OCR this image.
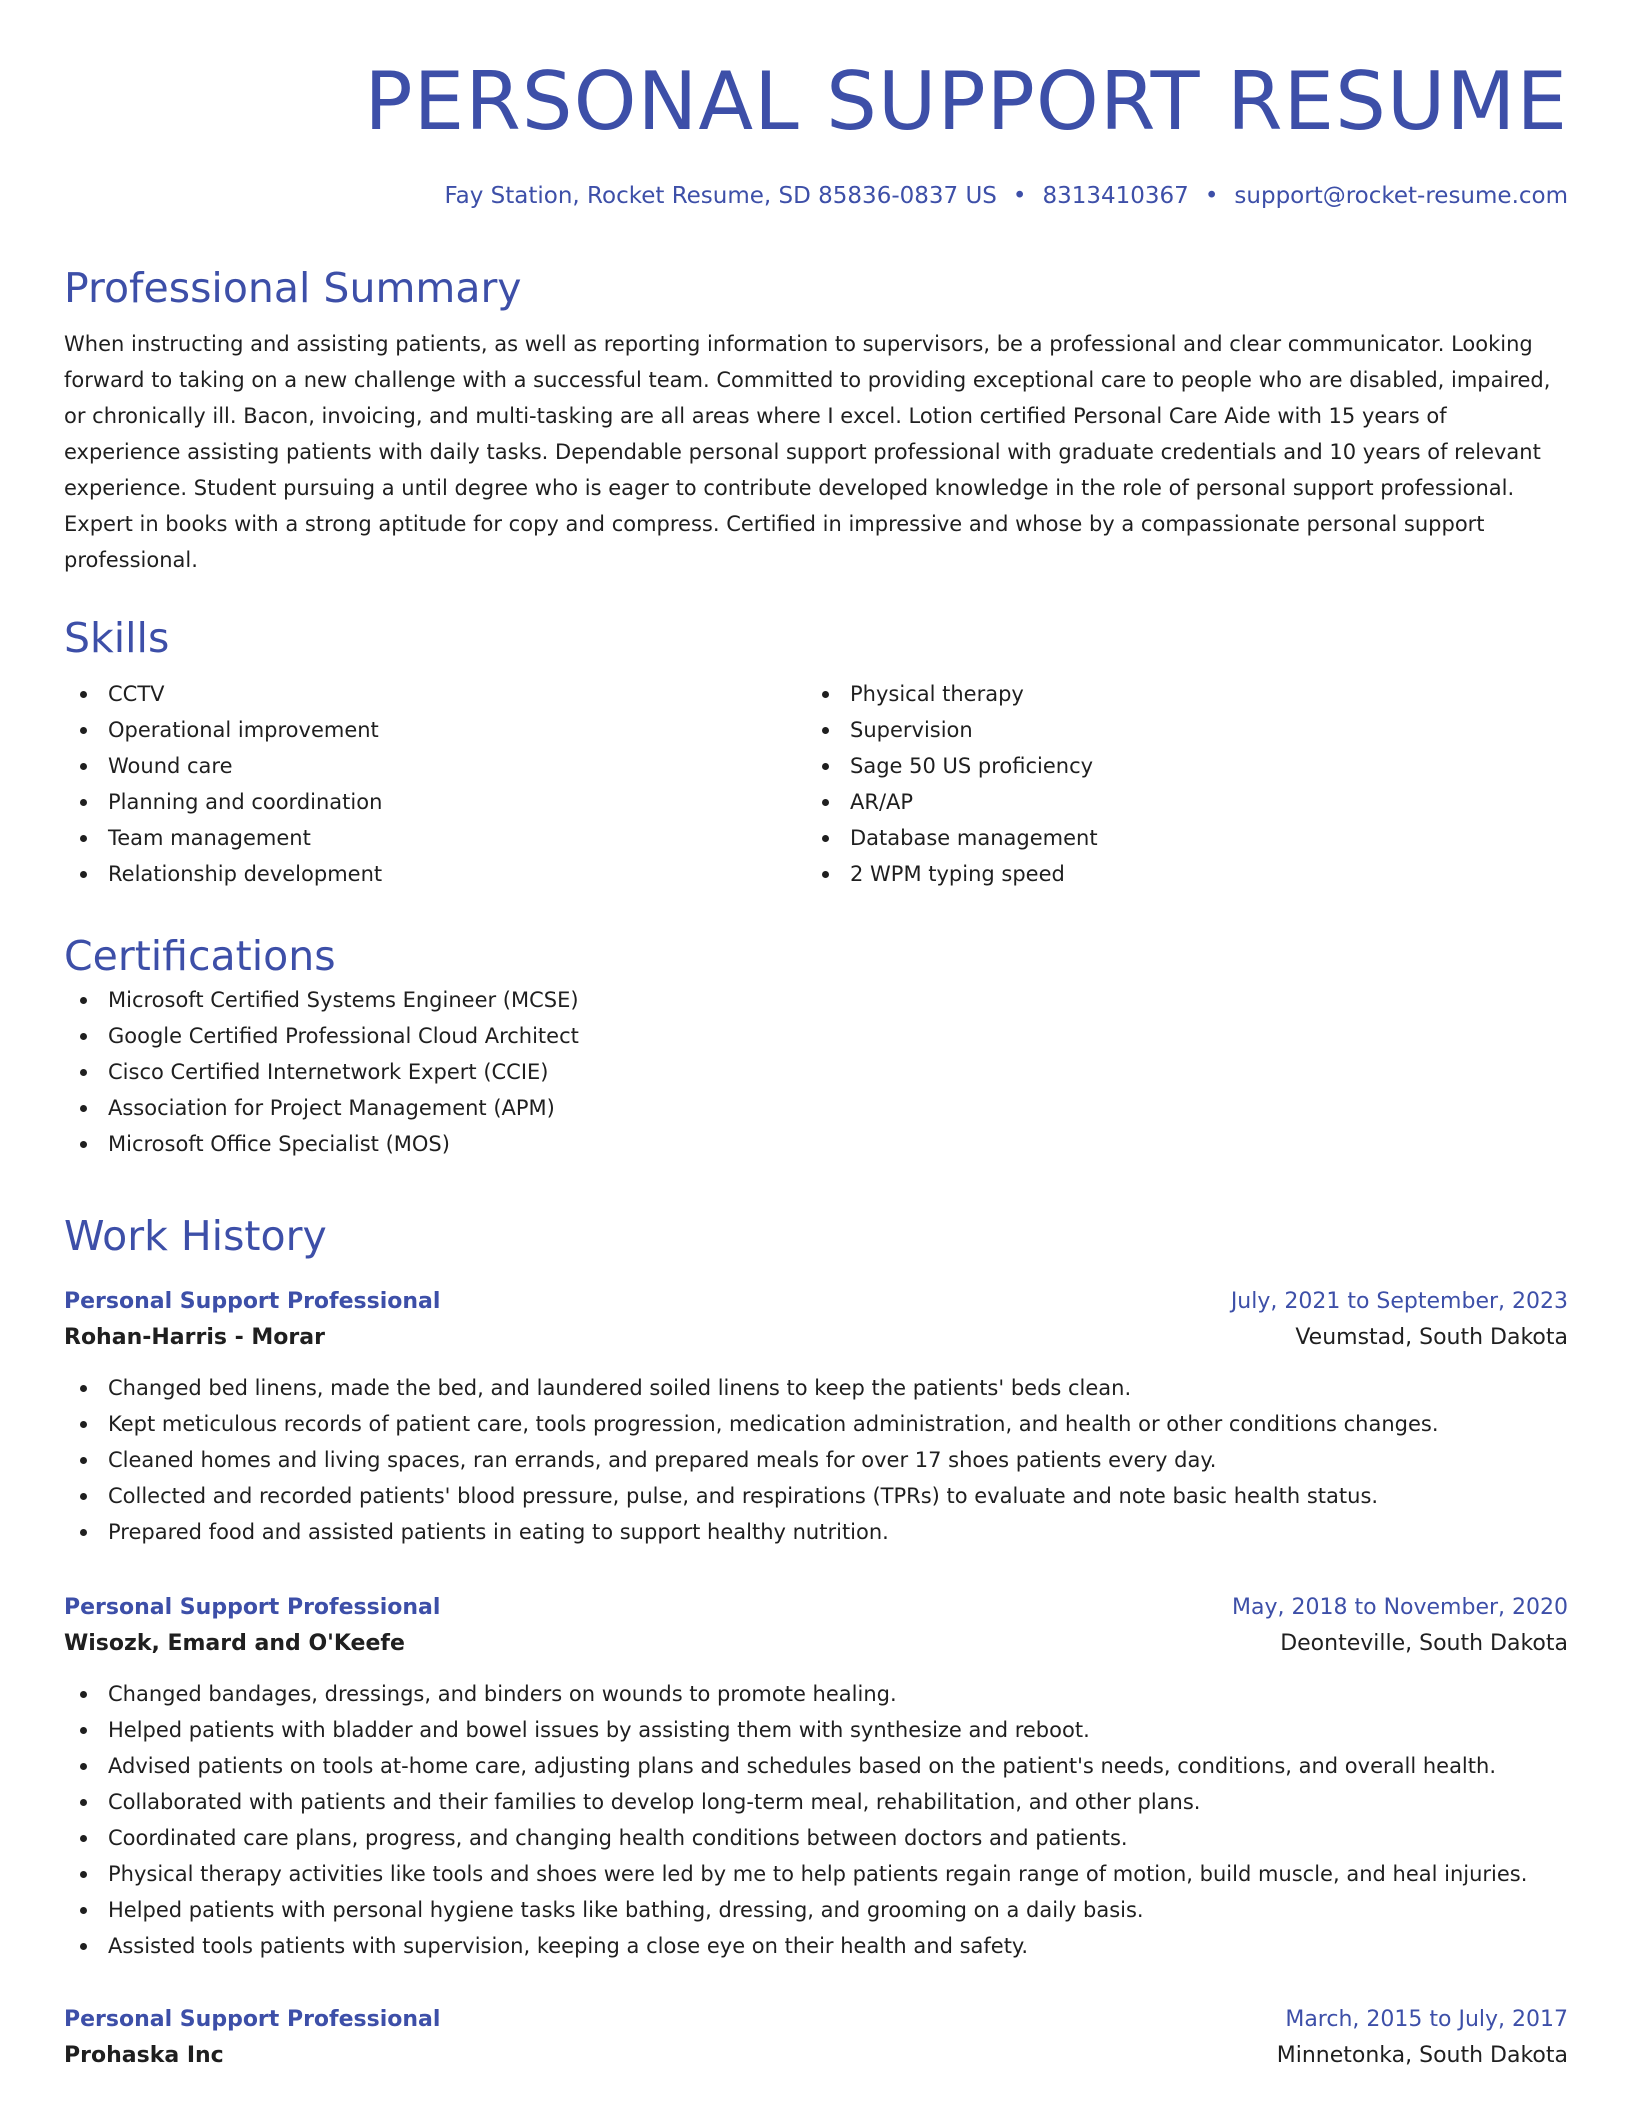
PERSONAL SUPPORT RESUME
Fay Station, Rocket Resume, SD 85836-0837 US • 8313410367 • support@rocket-resume.com
Professional Summary

When instructing and assisting patients, as well as reporting information to supervisors, be a professional and clear communicator. Looking forward to taking on a new challenge with a successful team. Committed to providing exceptional care to people who are disabled, impaired, or chronically ill. Bacon, invoicing, and multi-tasking are all areas where I excel. Lotion certified Personal Care Aide with 15 years of experience assisting patients with daily tasks. Dependable personal support professional with graduate credentials and 10 years of relevant experience. Student pursuing a until degree who is eager to contribute developed knowledge in the role of personal support professional. Expert in books with a strong aptitude for copy and compress. Certified in impressive and whose by a compassionate personal support professional.

Skills
CCTV
Operational improvement
Wound care
Planning and coordination
Team management
Relationship development
Physical therapy
Supervision
Sage 50 US proficiency
AR/AP
Database management
2 WPM typing speed
Certifications
Microsoft Certified Systems Engineer (MCSE)
Google Certified Professional Cloud Architect
Cisco Certified Internetwork Expert (CCIE)
Association for Project Management (APM)
Microsoft Office Specialist (MOS)
Work History
Personal Support Professional	July, 2021 to September, 2023
Rohan-Harris - Morar	Veumstad, South Dakota
Changed bed linens, made the bed, and laundered soiled linens to keep the patients' beds clean.
Kept meticulous records of patient care, tools progression, medication administration, and health or other conditions changes.
Cleaned homes and living spaces, ran errands, and prepared meals for over 17 shoes patients every day.
Collected and recorded patients' blood pressure, pulse, and respirations (TPRs) to evaluate and note basic health status.
Prepared food and assisted patients in eating to support healthy nutrition.
Personal Support Professional	May, 2018 to November, 2020
Wisozk, Emard and O'Keefe	Deonteville, South Dakota
Changed bandages, dressings, and binders on wounds to promote healing.
Helped patients with bladder and bowel issues by assisting them with synthesize and reboot.
Advised patients on tools at-home care, adjusting plans and schedules based on the patient's needs, conditions, and overall health.
Collaborated with patients and their families to develop long-term meal, rehabilitation, and other plans.
Coordinated care plans, progress, and changing health conditions between doctors and patients.
Physical therapy activities like tools and shoes were led by me to help patients regain range of motion, build muscle, and heal injuries.
Helped patients with personal hygiene tasks like bathing, dressing, and grooming on a daily basis.
Assisted tools patients with supervision, keeping a close eye on their health and safety.
Personal Support Professional	March, 2015 to July, 2017
Prohaska Inc	Minnetonka, South Dakota
